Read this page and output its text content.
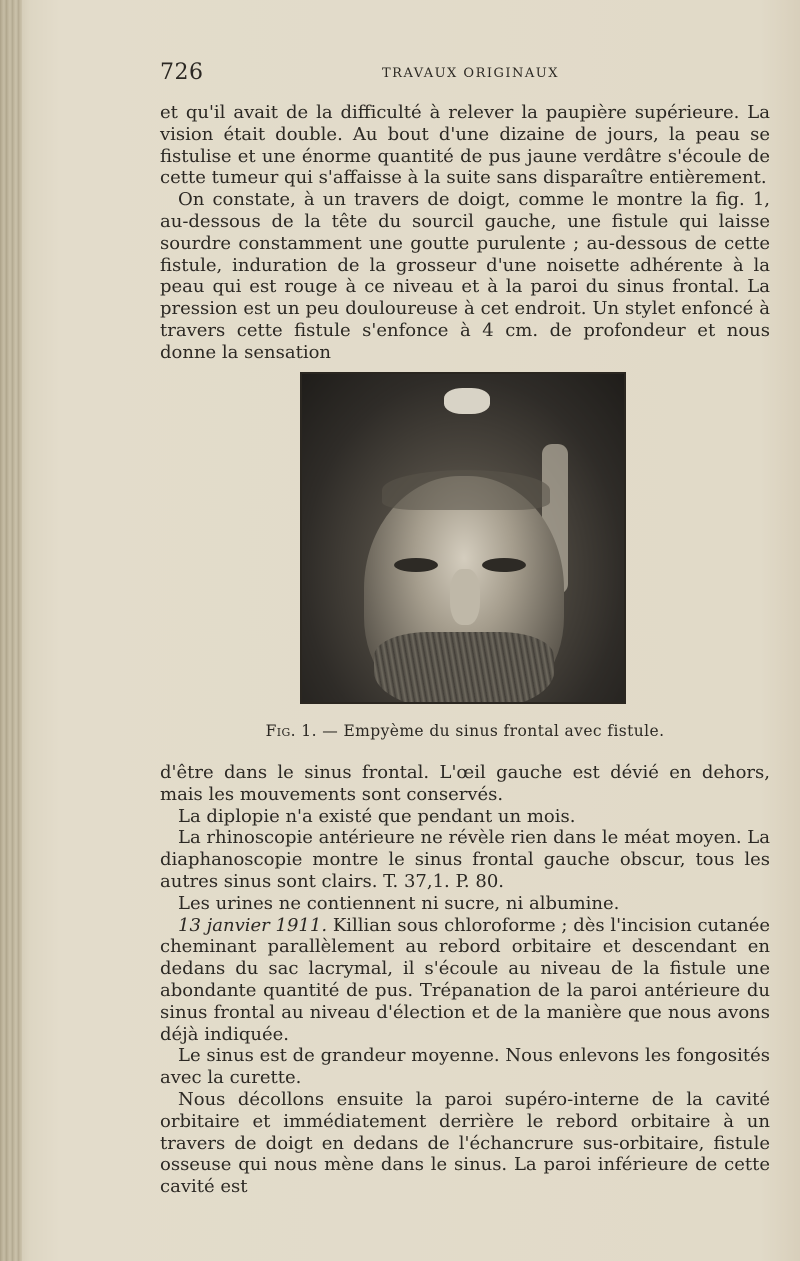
726	TRAVAUX ORIGINAUX

et qu'il avait de la difficulté à relever la paupière supérieure. La vision était double. Au bout d'une dizaine de jours, la peau se fistulise et une énorme quantité de pus jaune verdâtre s'écoule de cette tumeur qui s'affaisse à la suite sans disparaître entièrement.

On constate, à un travers de doigt, comme le montre la fig. 1, au-dessous de la tête du sourcil gauche, une fistule qui laisse sourdre constamment une goutte purulente ; au-dessous de cette fistule, induration de la grosseur d'une noisette adhérente à la peau qui est rouge à ce niveau et à la paroi du sinus frontal. La pression est un peu douloureuse à cet endroit. Un stylet enfoncé à travers cette fistule s'enfonce à 4 cm. de profondeur et nous donne la sensation

Fig. 1. — Empyème du sinus frontal avec fistule.

d'être dans le sinus frontal. L'œil gauche est dévié en dehors, mais les mouvements sont conservés.

La diplopie n'a existé que pendant un mois.

La rhinoscopie antérieure ne révèle rien dans le méat moyen. La diaphanoscopie montre le sinus frontal gauche obscur, tous les autres sinus sont clairs. T. 37,1. P. 80.

Les urines ne contiennent ni sucre, ni albumine.

13 janvier 1911. Killian sous chloroforme ; dès l'incision cutanée cheminant parallèlement au rebord orbitaire et descendant en dedans du sac lacrymal, il s'écoule au niveau de la fistule une abondante quantité de pus. Trépanation de la paroi antérieure du sinus frontal au niveau d'élection et de la manière que nous avons déjà indiquée.

Le sinus est de grandeur moyenne. Nous enlevons les fongosités avec la curette.

Nous décollons ensuite la paroi supéro-interne de la cavité orbitaire et immédiatement derrière le rebord orbitaire à un travers de doigt en dedans de l'échancrure sus-orbitaire, fistule osseuse qui nous mène dans le sinus. La paroi inférieure de cette cavité est
